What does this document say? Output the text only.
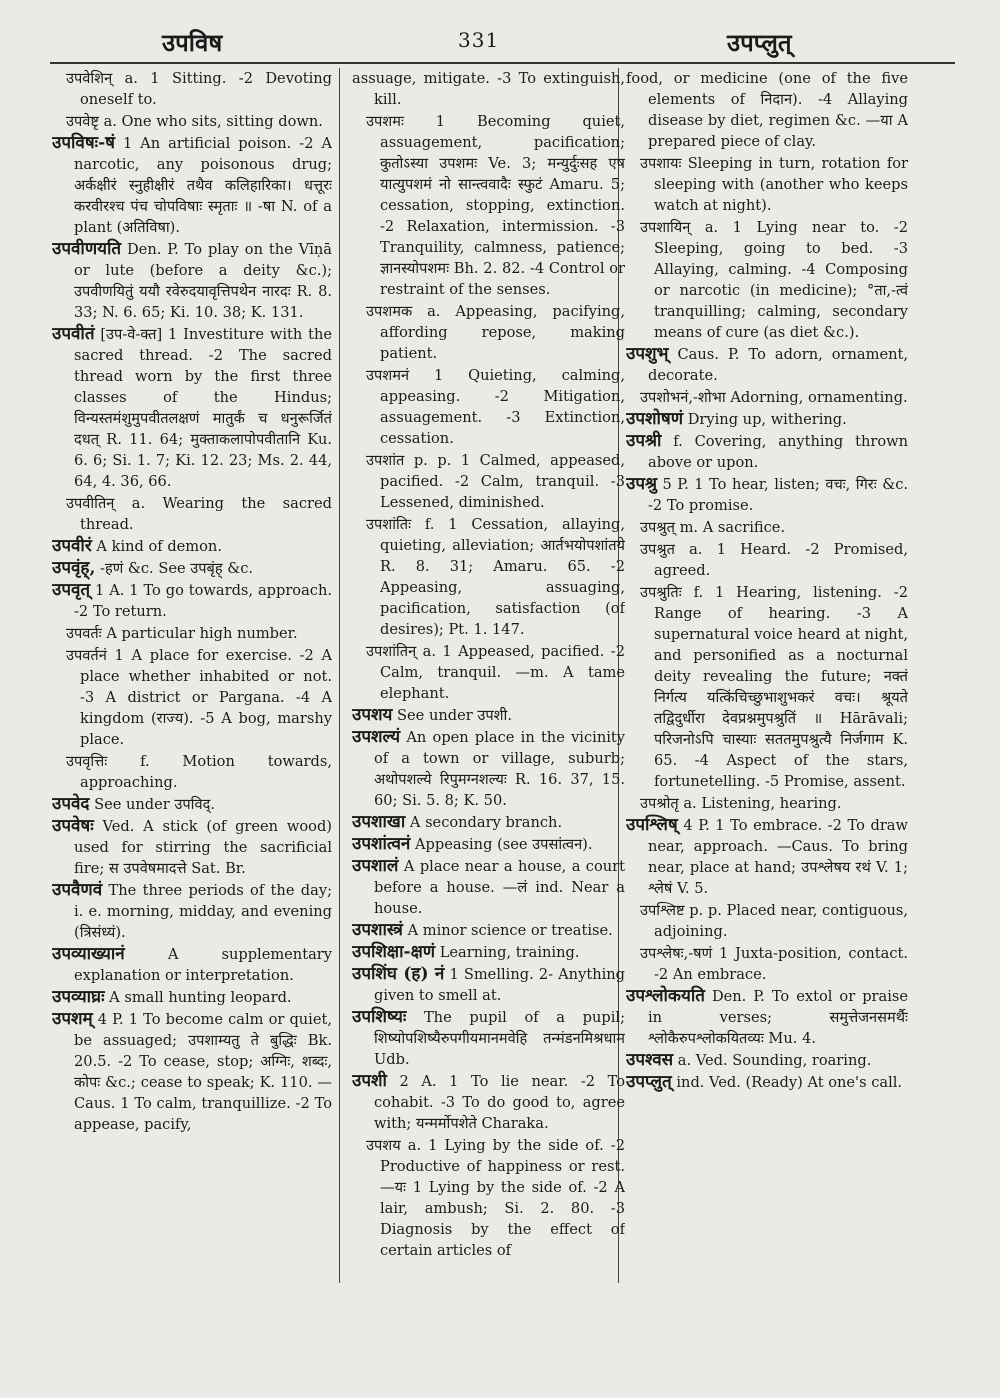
उपविष	331	उपप्लुत्
उपवेशिन् a. 1 Sitting. -2 Devoting oneself to.
उपवेष्टृ a. One who sits, sitting down.
उपविषः-षं 1 An artificial poison. -2 A narcotic, any poisonous drug; अर्कक्षीरं स्नुहीक्षीरं तथैव कलिहारिका। धत्तूरः करवीरश्च पंच चोपविषाः स्मृताः ॥ -षा N. of a plant (अतिविषा).
उपवीणयति Den. P. To play on the Vīṇā or lute (before a deity &c.); उपवीणयितुं ययौ रवेरुदयावृत्तिपथेन नारदः R. 8. 33; N. 6. 65; Ki. 10. 38; K. 131.
उपवीतं [उप-वे-क्त] 1 Investiture with the sacred thread. -2 The sacred thread worn by the first three classes of the Hindus; विन्यस्तमंशुमुपवीतलक्षणं मातुर्कं च धनुरूर्जितं दधत् R. 11. 64; मुक्ताकलापोपवीतानि Ku. 6. 6; Si. 1. 7; Ki. 12. 23; Ms. 2. 44, 64, 4. 36, 66.
उपवीतिन् a. Wearing the sacred thread.
उपवीरं A kind of demon.
उपवृंह्, -हणं &c. See उपबृंह् &c.
उपवृत् 1 A. 1 To go towards, approach. -2 To return.
उपवर्तः A particular high number.
उपवर्तनं 1 A place for exercise. -2 A place whether inhabited or not. -3 A district or Pargana. -4 A kingdom (राज्य). -5 A bog, marshy place.
उपवृत्तिः f. Motion towards, approaching.
उपवेद See under उपविद्.
उपवेषः Ved. A stick (of green wood) used for stirring the sacrificial fire; स उपवेषमादत्ते Sat. Br.
उपवैणवं The three periods of the day; i. e. morning, midday, and evening (त्रिसंध्यं).
उपव्याख्यानं	A supplementary explanation or interpretation.
उपव्याघ्रः A small hunting leopard.
उपशम् 4 P. 1 To become calm or quiet, be assuaged; उपशाम्यतु ते बुद्धिः Bk. 20.5. -2 To cease, stop; अग्निः, शब्दः, कोपः &c.; cease to speak; K. 110. —Caus. 1 To calm, tranquillize. -2 To appease, pacify,
assuage, mitigate. -3 To extinguish, kill.
उपशमः 1 Becoming quiet, assuagement, pacification; कुतोऽस्या उपशमः Ve. 3; मन्युर्दुःसह एष यात्युपशमं नो सान्त्ववादैः स्फुटं Amaru. 5; cessation, stopping, extinction. -2 Relaxation, intermission. -3 Tranquility, calmness, patience; ज्ञानस्योपशमः Bh. 2. 82. -4 Control or restraint of the senses.
उपशमक a. Appeasing, pacifying, affording repose, making patient.
उपशमनं 1 Quieting, calming, appeasing. -2 Mitigation, assuagement. -3 Extinction, cessation.
उपशांत p. p. 1 Calmed, appeased, pacified. -2 Calm, tranquil. -3 Lessened, diminished.
उपशांतिः f. 1 Cessation, allaying, quieting, alleviation; आर्तभयोपशांतये R. 8. 31; Amaru. 65. -2 Appeasing, assuaging, pacification, satisfaction (of desires); Pt. 1. 147.
उपशांतिन् a. 1 Appeased, pacified. -2 Calm, tranquil. —m. A tame elephant.
उपशय See under उपशी.
उपशल्यं An open place in the vicinity of a town or village, suburb; अथोपशल्ये रिपुमग्नशल्यः R. 16. 37, 15. 60; Si. 5. 8; K. 50.
उपशाखा A secondary branch.
उपशांत्वनं Appeasing (see उपसांत्वन).
उपशालं A place near a house, a court before a house. —लं ind. Near a house.
उपशास्त्रं A minor science or treatise.
उपशिक्षा-क्षणं Learning, training.
उपशिंघ (ह) नं 1 Smelling. 2- Anything given to smell at.
उपशिष्यः The pupil of a pupil; शिष्योपशिष्यैरुपगीयमानमवेहि तन्मंडनमिश्रधाम Udb.
उपशी 2 A. 1 To lie near. -2 To cohabit. -3 To do good to, agree with; यन्मर्मोपशेते Charaka.
उपशय a. 1 Lying by the side of. -2 Productive of happiness or rest. —यः 1 Lying by the side of. -2 A lair, ambush; Si. 2. 80. -3 Diagnosis by the effect of certain articles of
food, or medicine (one of the five elements of निदान). -4 Allaying disease by diet, regimen &c. —या A prepared piece of clay.
उपशायः Sleeping in turn, rotation for sleeping with (another who keeps watch at night).
उपशायिन् a. 1 Lying near to. -2 Sleeping, going to bed. -3 Allaying, calming. -4 Composing or narcotic (in medicine); °ता,-त्वं tranquilling; calming, secondary means of cure (as diet &c.).
उपशुभ् Caus. P. To adorn, ornament, decorate.
उपशोभनं,-शोभा Adorning, ornamenting.
उपशोषणं Drying up, withering.
उपश्री f. Covering, anything thrown above or upon.
उपश्रु 5 P. 1 To hear, listen; वचः, गिरः &c. -2 To promise.
उपश्रुत् m. A sacrifice.
उपश्रुत a. 1 Heard. -2 Promised, agreed.
उपश्रुतिः f. 1 Hearing, listening. -2 Range of hearing. -3 A supernatural voice heard at night, and personified as a nocturnal deity revealing the future; नक्तं निर्गत्य यत्किंचिच्छुभाशुभकरं वचः। श्रूयते तद्विदुर्धीरा देवप्रश्नमुपश्रुतिं ॥ Hārāvali; परिजनोऽपि चास्याः सततमुपश्रुत्यै निर्जगाम K. 65. -4 Aspect of the stars, fortunetelling. -5 Promise, assent.
उपश्रोतृ a. Listening, hearing.
उपश्लिष् 4 P. 1 To embrace. -2 To draw near, approach. —Caus. To bring near, place at hand; उपश्लेषय रथं V. 1; श्लेषं V. 5.
उपश्लिष्ट p. p. Placed near, contiguous, adjoining.
उपश्लेषः,-षणं 1 Juxta-position, contact. -2 An embrace.
उपश्लोकयति Den. P. To extol or praise in verses; समुत्तेजनसमर्थैः श्लोकैरुपश्लोकयितव्यः Mu. 4.
उपश्वस a. Ved. Sounding, roaring.
उपप्लुत् ind. Ved. (Ready) At one's call.
